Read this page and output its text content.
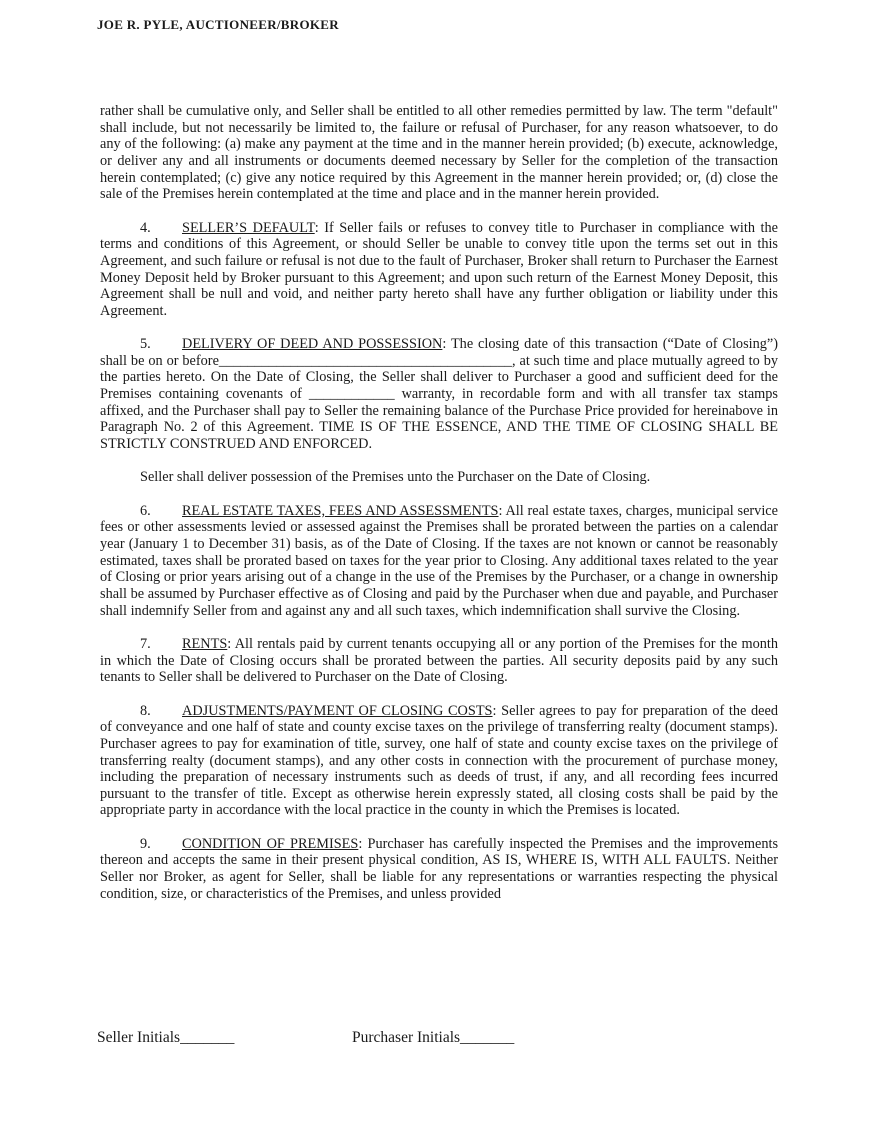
JOE R. PYLE, AUCTIONEER/BROKER

rather shall be cumulative only, and Seller shall be entitled to all other remedies permitted by law. The term "default" shall include, but not necessarily be limited to, the failure or refusal of Purchaser, for any reason whatsoever, to do any of the following: (a) make any payment at the time and in the manner herein provided; (b) execute, acknowledge, or deliver any and all instruments or documents deemed necessary by Seller for the completion of the transaction herein contemplated; (c) give any notice required by this Agreement in the manner herein provided; or, (d) close the sale of the Premises herein contemplated at the time and place and in the manner herein provided.

4. SELLER’S DEFAULT: If Seller fails or refuses to convey title to Purchaser in compliance with the terms and conditions of this Agreement, or should Seller be unable to convey title upon the terms set out in this Agreement, and such failure or refusal is not due to the fault of Purchaser, Broker shall return to Purchaser the Earnest Money Deposit held by Broker pursuant to this Agreement; and upon such return of the Earnest Money Deposit, this Agreement shall be null and void, and neither party hereto shall have any further obligation or liability under this Agreement.

5. DELIVERY OF DEED AND POSSESSION: The closing date of this transaction (“Date of Closing”) shall be on or before_________________________________________, at such time and place mutually agreed to by the parties hereto. On the Date of Closing, the Seller shall deliver to Purchaser a good and sufficient deed for the Premises containing covenants of ____________ warranty, in recordable form and with all transfer tax stamps affixed, and the Purchaser shall pay to Seller the remaining balance of the Purchase Price provided for hereinabove in Paragraph No. 2 of this Agreement. TIME IS OF THE ESSENCE, AND THE TIME OF CLOSING SHALL BE STRICTLY CONSTRUED AND ENFORCED.

Seller shall deliver possession of the Premises unto the Purchaser on the Date of Closing.

6. REAL ESTATE TAXES, FEES AND ASSESSMENTS: All real estate taxes, charges, municipal service fees or other assessments levied or assessed against the Premises shall be prorated between the parties on a calendar year (January 1 to December 31) basis, as of the Date of Closing. If the taxes are not known or cannot be reasonably estimated, taxes shall be prorated based on taxes for the year prior to Closing. Any additional taxes related to the year of Closing or prior years arising out of a change in the use of the Premises by the Purchaser, or a change in ownership shall be assumed by Purchaser effective as of Closing and paid by the Purchaser when due and payable, and Purchaser shall indemnify Seller from and against any and all such taxes, which indemnification shall survive the Closing.

7. RENTS: All rentals paid by current tenants occupying all or any portion of the Premises for the month in which the Date of Closing occurs shall be prorated between the parties. All security deposits paid by any such tenants to Seller shall be delivered to Purchaser on the Date of Closing.

8. ADJUSTMENTS/PAYMENT OF CLOSING COSTS: Seller agrees to pay for preparation of the deed of conveyance and one half of state and county excise taxes on the privilege of transferring realty (document stamps). Purchaser agrees to pay for examination of title, survey, one half of state and county excise taxes on the privilege of transferring realty (document stamps), and any other costs in connection with the procurement of purchase money, including the preparation of necessary instruments such as deeds of trust, if any, and all recording fees incurred pursuant to the transfer of title. Except as otherwise herein expressly stated, all closing costs shall be paid by the appropriate party in accordance with the local practice in the county in which the Premises is located.

9. CONDITION OF PREMISES: Purchaser has carefully inspected the Premises and the improvements thereon and accepts the same in their present physical condition, AS IS, WHERE IS, WITH ALL FAULTS. Neither Seller nor Broker, as agent for Seller, shall be liable for any representations or warranties respecting the physical condition, size, or characteristics of the Premises, and unless provided

Seller Initials_______	Purchaser Initials_______
